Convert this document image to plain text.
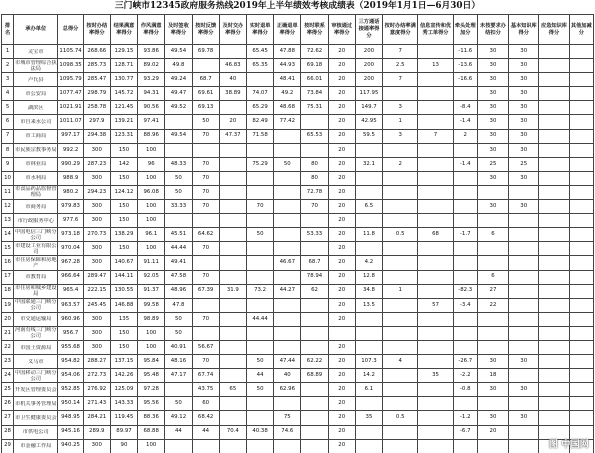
三门峡市12345政府服务热线2019年上半年绩效考核成绩表（2019年1月1日—6月30日）
排名	承办单位	总得分	按时办结率得分	结果满意率得分	作风满意率得分	及时签收率得分	按时反馈率得分	及时交办率得分	实时退单率得分	正确退单率得分	按时联系率得分	审核通过率得分	三方通话接通率得分	按时办结率满意度得分	信息宣传和优秀工单得分	牵头处理加分	未按要求办结扣分	基本知识库得分	应急知识库得分	其他加减分
1	灵宝市	1105.74	268.66	129.15	93.86	49.54	69.78		65.45	47.88	72.62	20	200	7		-11.6	30	30		
2	市城市管理综合执法局	1098.35	285.73	128.71	89.02	49.8		46.83	65.35	44.93	69.18	20	200	2.5	13	-13.6	30	30		
3	卢氏县	1095.79	285.47	130.77	93.29	49.24	68.7	40		48.41	66.01	20	200	7		-16.6	30	30		
4	市公安局	1077.47	298.79	145.72	94.31	49.47	69.61	38.89	74.07	49.2	73.84	20	117.95				30	30		
5	湖滨区	1021.91	258.78	121.45	90.56	49.52	69.13		65.29	48.68	75.31	20	149.7	3		-8.4	30	30		
6	市自来水公司	1011.07	297.9	139.21	97.41		50	20	82.49	77.42		20	42.95	1		-1.4	30	30		
7	市工商局	997.17	294.38	123.31	88.96	49.54	70	47.37	71.58		65.53	20	59.5	3	7	2	30	30		
8	市民族宗教事务局	992.2	300	150	100							20					30	30		
9	市林业局	990.29	287.23	142	96	48.33	70		75.29	50	80	20	32.1	2		-1.4	25	25		
10	市水利局	988.9	300	150	100	50	70				80	20					30	30		
11	市食品药品监督管理局	980.2	294.23	124.12	96.08	50	70				72.78	20								
12	市商务局	979.83	300	150	100	33.33	70		70		70	20	6.5				30	30		
13	市行政服务中心	977.6	300	150	100							20								
14	中国电信三门峡分公司	973.18	270.73	138.29	96.1	45.51	64.62		50		53.33	20	11.8	0.5	68	-1.7	6			
15	市建设工业有限公司	970.04	300	150	100	44.44	70					20								
16	市住房保障和房地产	967.28	300	140.67	91.11	49.41				46.67	68.7	20	4.2							
17	市教育局	966.64	289.47	144.11	92.05	47.58	70				78.94	20	12.8				6			
18	市住房和城乡建设局	965.4	222.15	130.55	91.37	48.96	67.39	31.9	73.2	44.27	62	20	34.8	1		-82.3	27			
19	中国联通三门峡分公司	963.57	245.45	146.88	99.58	47.8						20	13.5		57	-3.4	22			
20	市交通运输局	960.96	300	135	98.89	50	70		44.44			20								
21	河南有线三门峡分公司	956.7	300	150	100	50														
22	市国土资源局	955.68	300	150	100	40.91	56.67					20								
23	义马市	954.82	288.27	137.15	95.84	48.16	70		50	47.44	62.22	20	107.3	4		-26.7	30	30		
24	中国移动三门峡分公司	954.06	272.73	142.26	95.48	47.17	67.74		44	40	68.89	20	14.2		35	-2.2	18			
25	开发区管理委员会	952.85	276.92	125.09	97.28		43.75	65	50	62.96		20	6.1			-0.8	30	30		
26	市机关事务管理局	950.14	271.43	143.33	95.56	50	60					20								
27	市卫生健康委员会	948.95	284.21	119.45	88.36	49.12	68.42			75		20	35	0.5		-1.2	30	30		
28	市供电公司	945.16	289.9	89.97	68.88	44	44	70.4	40.38	74.6		20				-6.7	20			
29	市金融工作局	940.25	300	90	100							20									图 中国网
